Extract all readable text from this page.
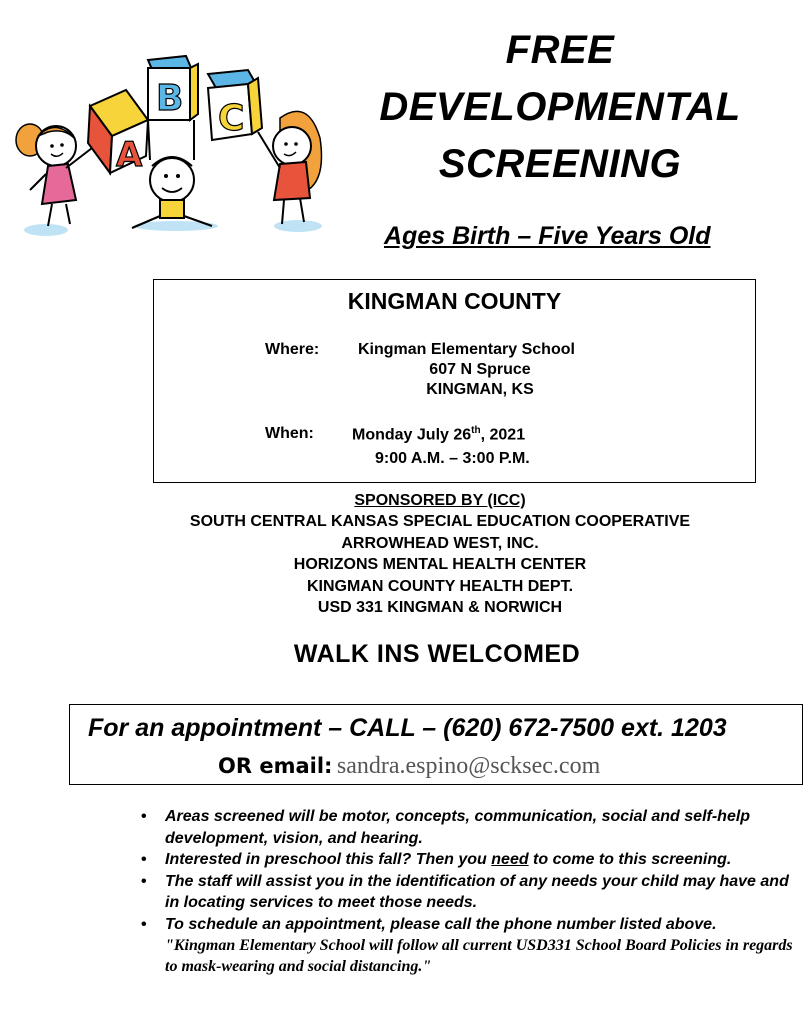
A
B C
FREE
DEVELOPMENTAL
SCREENING
Ages Birth – Five Years Old
KINGMAN COUNTY
Where: Kingman Elementary School
607 N Spruce
KINGMAN, KS
When: Monday July 26th, 2021
9:00 A.M. – 3:00 P.M.
SPONSORED BY (ICC)
SOUTH CENTRAL KANSAS SPECIAL EDUCATION COOPERATIVE
ARROWHEAD WEST, INC.
HORIZONS MENTAL HEALTH CENTER
KINGMAN COUNTY HEALTH DEPT.
USD 331 KINGMAN & NORWICH
WALK INS WELCOMED
For an appointment – CALL – (620) 672-7500 ext. 1203
OR email: sandra.espino@scksec.com
• Areas screened will be motor, concepts, communication, social and self-help development, vision, and hearing.
• Interested in preschool this fall? Then you need to come to this screening.
• The staff will assist you in the identification of any needs your child may have and in locating services to meet those needs.
• To schedule an appointment, please call the phone number listed above.
"Kingman Elementary School will follow all current USD331 School Board Policies in regards to mask-wearing and social distancing."
